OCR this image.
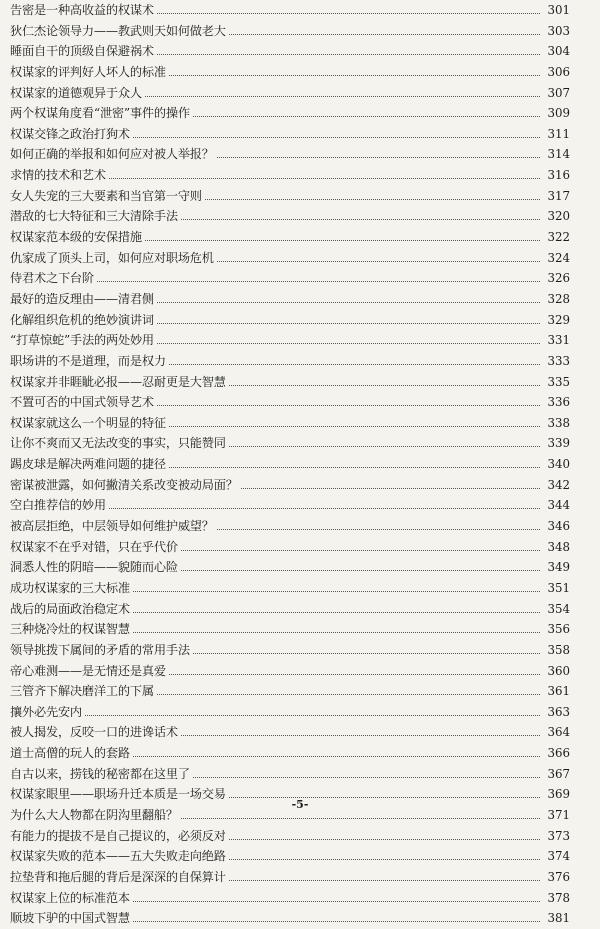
告密是一种高收益的权谋术	301
狄仁杰论领导力——教武则天如何做老大	303
睡面自干的顶级自保避祸术	304
权谋家的评判好人坏人的标准	306
权谋家的道德观异于众人	307
两个权谋角度看“泄密”事件的操作	309
权谋交锋之政治打狗术	311
如何正确的举报和如何应对被人举报？	314
求情的技术和艺术	316
女人失宠的三大要素和当官第一守则	317
潜敌的七大特征和三大清除手法	320
权谋家范本级的安保措施	322
仇家成了顶头上司，如何应对职场危机	324
侍君术之下台阶	326
最好的造反理由——清君侧	328
化解组织危机的绝妙演讲词	329
“打草惊蛇”手法的两处妙用	331
职场讲的不是道理，而是权力	333
权谋家并非睚眦必报——忍耐更是大智慧	335
不置可否的中国式领导艺术	336
权谋家就这么一个明显的特征	338
让你不爽而又无法改变的事实，只能赞同	339
踢皮球是解决两难问题的捷径	340
密谋被泄露，如何撇清关系改变被动局面？	342
空白推荐信的妙用	344
被高层拒绝，中层领导如何维护威望？	346
权谋家不在乎对错，只在乎代价	348
洞悉人性的阴暗——貌随而心险	349
成功权谋家的三大标准	351
战后的局面政治稳定术	354
三种烧冷灶的权谋智慧	356
领导挑拨下属间的矛盾的常用手法	358
帝心难测——是无情还是真爱	360
三管齐下解决磨洋工的下属	361
攘外必先安内	363
被人揭发，反咬一口的进谗话术	364
道士高僧的玩人的套路	366
自古以来，捞钱的秘密都在这里了	367
权谋家眼里——职场升迁本质是一场交易	369
为什么大人物都在阴沟里翻船？	371
有能力的提拔不是自己提议的，必须反对	373
权谋家失败的范本——五大失败走向绝路	374
拉垫背和拖后腿的背后是深深的自保算计	376
权谋家上位的标准范本	378
顺坡下驴的中国式智慧	381
-5-
